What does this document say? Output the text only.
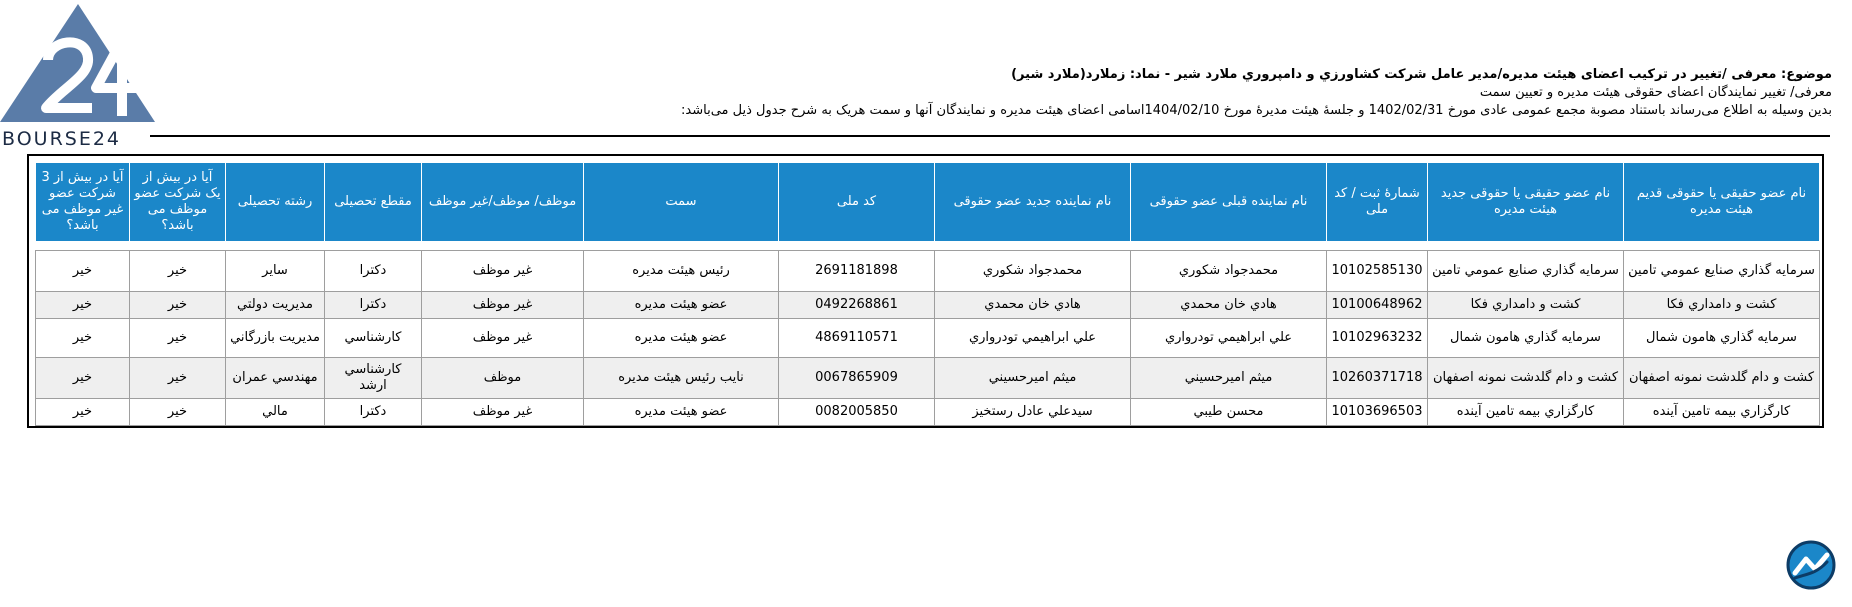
BOURSE24
موضوع: معرفی /تغییر در ترکیب اعضای هیئت مدیره/مدیر عامل شرکت کشاورزي و دامپروري ملارد شير - نماد: زملارد(ملارد شير)
معرفی/ تغییر نمایندگان اعضای حقوقی هیئت مدیره و تعیین سمت
بدین وسیله به اطلاع می‌رساند باستناد مصوبة مجمع عمومی عادی مورخ 1402/02/31 و جلسهٔ هیئت مدیرهٔ مورخ 1404/02/10اسامی اعضای هیئت مدیره و نمایندگان آنها و سمت هریک به شرح جدول ذیل می‌باشد:
نام عضو حقیقی یا حقوقی قدیم هیئت مدیره	نام عضو حقیقی یا حقوقی جدید هیئت مدیره	شمارهٔ ثبت / کد ملی	نام نماینده قبلی عضو حقوقی	نام نماینده جدید عضو حقوقی	کد ملی	سمت	موظف/ موظف/غیر موظف	مقطع تحصیلی	رشته تحصیلی	آیا در بیش از یک شرکت عضو موظف می باشد؟	آیا در بیش از 3 شرکت عضو غیر موظف می باشد؟

سرمايه گذاري صنايع عمومي تامين	سرمايه گذاري صنايع عمومي تامين	10102585130	محمدجواد شكوري	محمدجواد شكوري	2691181898	رئيس هيئت مديره	غير موظف	دكترا	ساير	خير	خير
كشت و دامداري فكا	كشت و دامداري فكا	10100648962	هادي خان محمدي	هادي خان محمدي	0492268861	عضو هيئت مديره	غير موظف	دكترا	مديريت دولتي	خير	خير
سرمايه گذاري هامون شمال	سرمايه گذاري هامون شمال	10102963232	علي ابراهيمي تودرواري	علي ابراهيمي تودرواري	4869110571	عضو هيئت مديره	غير موظف	كارشناسي	مديريت بازرگاني	خير	خير
كشت و دام گلدشت نمونه اصفهان	كشت و دام گلدشت نمونه اصفهان	10260371718	ميثم اميرحسيني	ميثم اميرحسيني	0067865909	نايب رئيس هيئت مديره	موظف	كارشناسي ارشد	مهندسي عمران	خير	خير
كارگزاري بيمه تامين آينده	كارگزاري بيمه تامين آينده	10103696503	محسن طيبي	سيدعلي عادل رستخيز	0082005850	عضو هيئت مديره	غير موظف	دكترا	مالي	خير	خير
